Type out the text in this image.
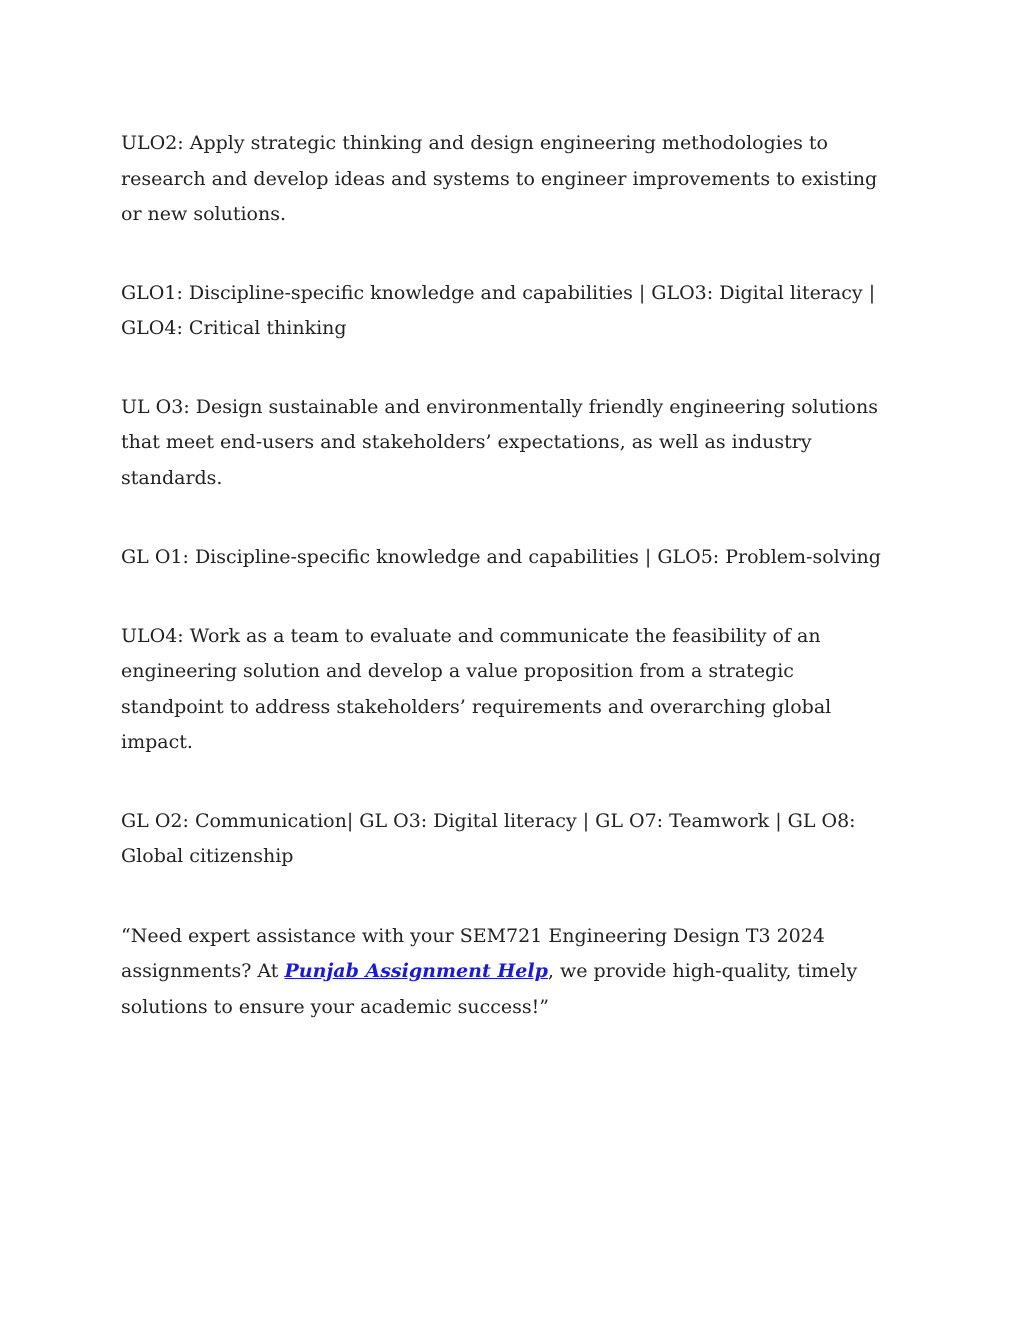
ULO2: Apply strategic thinking and design engineering methodologies to
research and develop ideas and systems to engineer improvements to existing
or new solutions.

GLO1: Discipline-specific knowledge and capabilities | GLO3: Digital literacy |
GLO4: Critical thinking

UL O3: Design sustainable and environmentally friendly engineering solutions
that meet end-users and stakeholders’ expectations, as well as industry
standards.

GL O1: Discipline-specific knowledge and capabilities | GLO5: Problem-solving

ULO4: Work as a team to evaluate and communicate the feasibility of an
engineering solution and develop a value proposition from a strategic
standpoint to address stakeholders’ requirements and overarching global
impact.

GL O2: Communication| GL O3: Digital literacy | GL O7: Teamwork | GL O8:
Global citizenship

“Need expert assistance with your SEM721 Engineering Design T3 2024
assignments? At Punjab Assignment Help, we provide high-quality, timely
solutions to ensure your academic success!”
